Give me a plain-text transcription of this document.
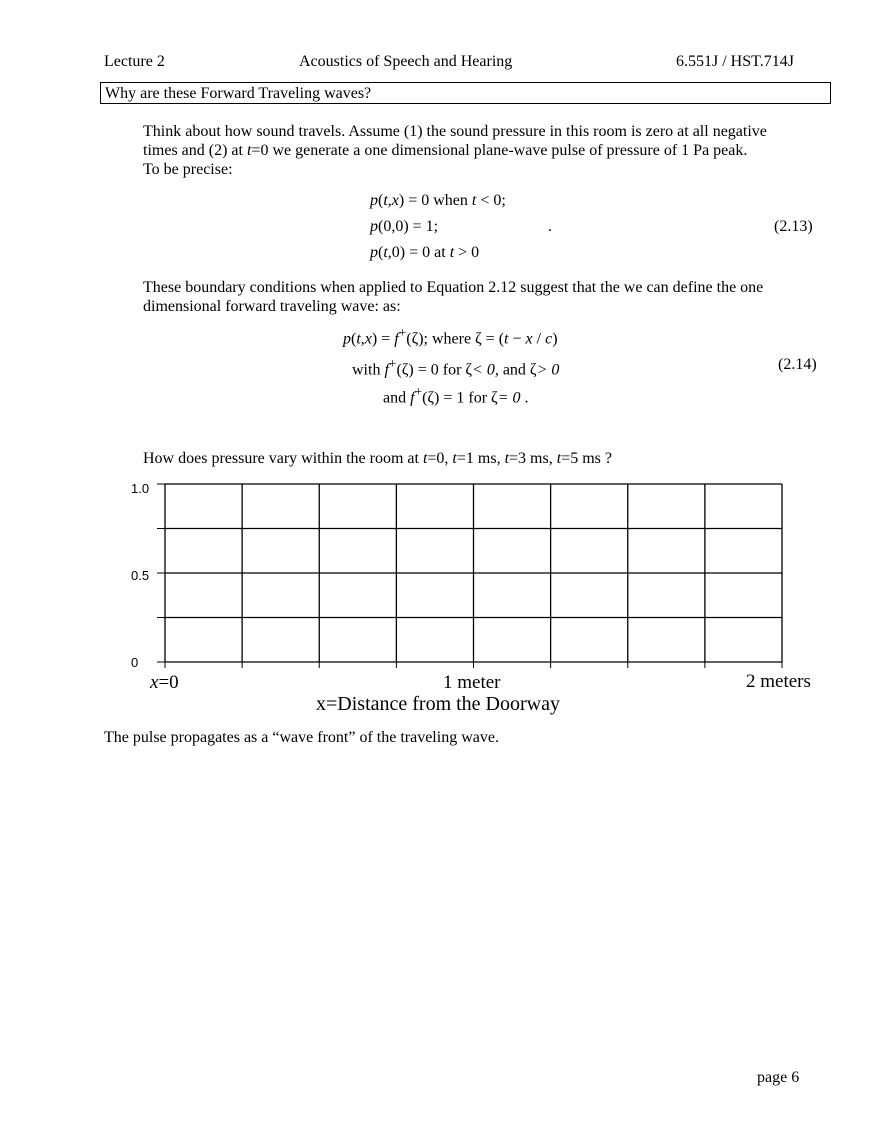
Lecture 2	Acoustics of Speech and Hearing	6.551J / HST.714J
Why are these Forward Traveling waves?
Think about how sound travels. Assume (1) the sound pressure in this room is zero at all negative
times and (2) at t=0 we generate a one dimensional plane-wave pulse of pressure of 1 Pa peak.
To be precise:
p(t,x) = 0 when t < 0;
p(0,0) = 1;	.	(2.13)
p(t,0) = 0 at t > 0
These boundary conditions when applied to Equation 2.12 suggest that the we can define the one
dimensional forward traveling wave: as:
p(t,x) = f+(ζ); where ζ = (t − x / c)
with f+(ζ) = 0 for ζ< 0, and ζ> 0	(2.14)
and f+(ζ) = 1 for ζ= 0 .
How does pressure vary within the room at t=0, t=1 ms, t=3 ms, t=5 ms ?
0
0.5
1.0
x=0	1 meter	2 meters
x=Distance from the Doorway
The pulse propagates as a “wave front” of the traveling wave.
page 6
